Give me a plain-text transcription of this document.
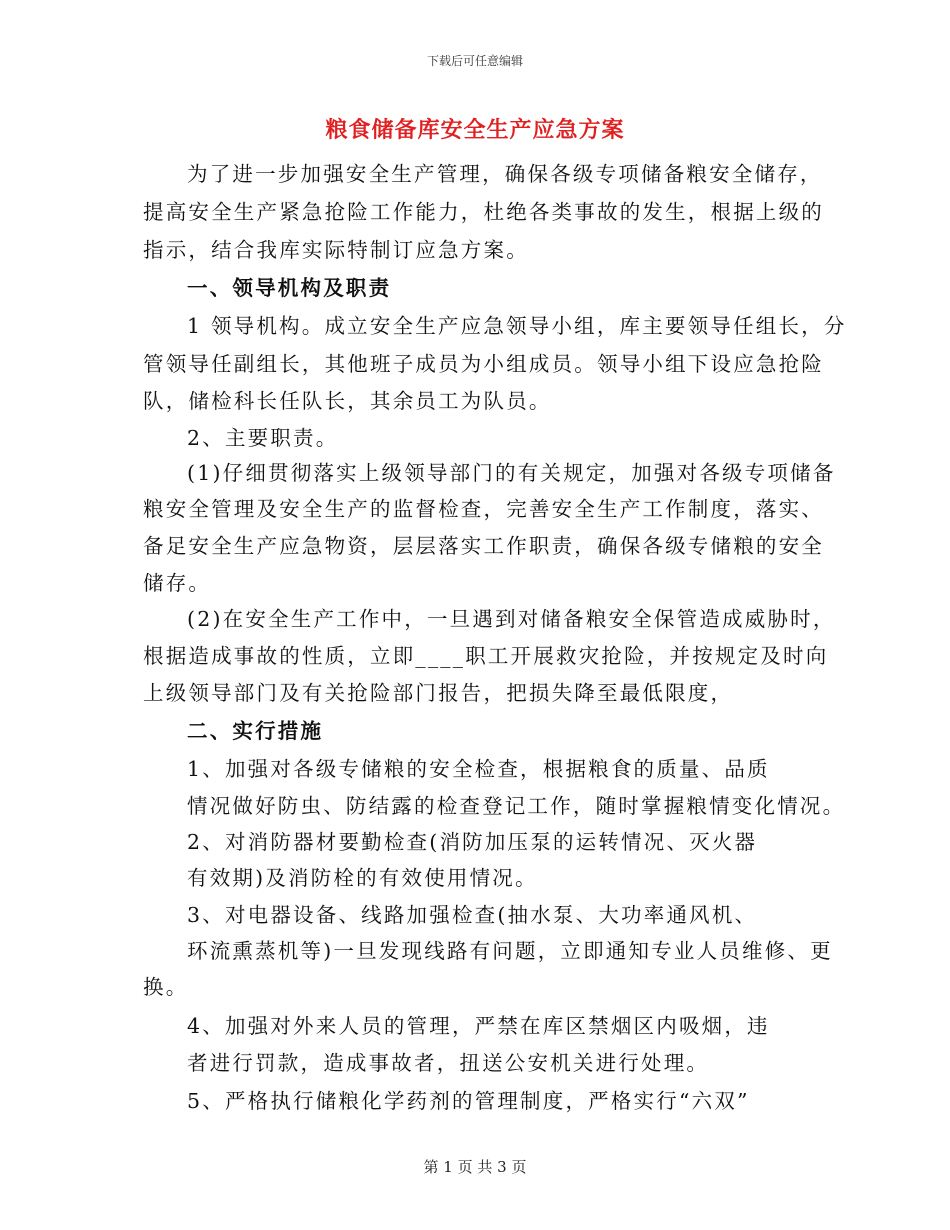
下载后可任意编辑
粮食储备库安全生产应急方案
为了进一步加强安全生产管理，确保各级专项储备粮安全储存，
提高安全生产紧急抢险工作能力，杜绝各类事故的发生，根据上级的
指示，结合我库实际特制订应急方案。
一、领导机构及职责
1 领导机构。成立安全生产应急领导小组，库主要领导任组长，分
管领导任副组长，其他班子成员为小组成员。领导小组下设应急抢险
队，储检科长任队长，其余员工为队员。
2、主要职责。
(1)仔细贯彻落实上级领导部门的有关规定，加强对各级专项储备
粮安全管理及安全生产的监督检查，完善安全生产工作制度，落实、
备足安全生产应急物资，层层落实工作职责，确保各级专储粮的安全
储存。
(2)在安全生产工作中，一旦遇到对储备粮安全保管造成威胁时，
根据造成事故的性质，立即____职工开展救灾抢险，并按规定及时向
上级领导部门及有关抢险部门报告，把损失降至最低限度，
二、实行措施
1、加强对各级专储粮的安全检查，根据粮食的质量、品质
情况做好防虫、防结露的检查登记工作，随时掌握粮情变化情况。
2、对消防器材要勤检查(消防加压泵的运转情况、灭火器
有效期)及消防栓的有效使用情况。
3、对电器设备、线路加强检查(抽水泵、大功率通风机、
环流熏蒸机等)一旦发现线路有问题，立即通知专业人员维修、更
换。
4、加强对外来人员的管理，严禁在库区禁烟区内吸烟，违
者进行罚款，造成事故者，扭送公安机关进行处理。
5、严格执行储粮化学药剂的管理制度，严格实行“六双”
第 1 页 共 3 页
